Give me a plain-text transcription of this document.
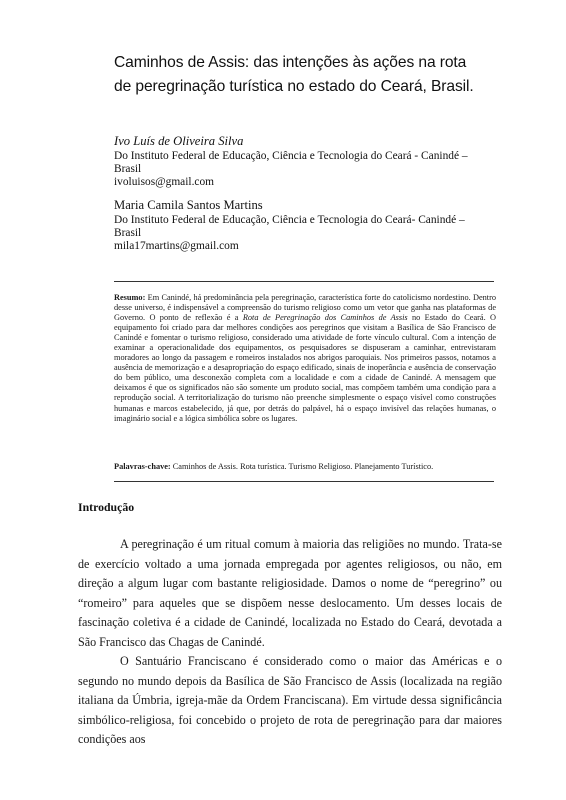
Caminhos de Assis: das intenções às ações na rota
de peregrinação turística no estado do Ceará, Brasil.
Ivo Luís de Oliveira Silva
Do Instituto Federal de Educação, Ciência e Tecnologia do Ceará - Canindé –
Brasil
ivoluisos@gmail.com
Maria Camila Santos Martins
Do Instituto Federal de Educação, Ciência e Tecnologia do Ceará- Canindé –
Brasil
mila17martins@gmail.com
Resumo: Em Canindé, há predominância pela peregrinação, característica forte do catolicismo nordestino. Dentro desse universo, é indispensável a compreensão do turismo religioso como um vetor que ganha nas plataformas de Governo. O ponto de reflexão é a Rota de Peregrinação dos Caminhos de Assis no Estado do Ceará. O equipamento foi criado para dar melhores condições aos peregrinos que visitam a Basílica de São Francisco de Canindé e fomentar o turismo religioso, considerado uma atividade de forte vínculo cultural. Com a intenção de examinar a operacionalidade dos equipamentos, os pesquisadores se dispuseram a caminhar, entrevistaram moradores ao longo da passagem e romeiros instalados nos abrigos paroquiais. Nos primeiros passos, notamos a ausência de memorização e a desapropriação do espaço edificado, sinais de inoperância e ausência de conservação do bem público, uma desconexão completa com a localidade e com a cidade de Canindé. A mensagem que deixamos é que os significados não são somente um produto social, mas compõem também uma condição para a reprodução social. A territorialização do turismo não preenche simplesmente o espaço visível como construções humanas e marcos estabelecido, já que, por detrás do palpável, há o espaço invisível das relações humanas, o imaginário social e a lógica simbólica sobre os lugares.
Palavras-chave: Caminhos de Assis. Rota turística. Turismo Religioso. Planejamento Turístico.
Introdução

A peregrinação é um ritual comum à maioria das religiões no mundo. Trata-se de exercício voltado a uma jornada empregada por agentes religiosos, ou não, em direção a algum lugar com bastante religiosidade. Damos o nome de “peregrino” ou “romeiro” para aqueles que se dispõem nesse deslocamento. Um desses locais de fascinação coletiva é a cidade de Canindé, localizada no Estado do Ceará, devotada a São Francisco das Chagas de Canindé.

O Santuário Franciscano é considerado como o maior das Américas e o segundo no mundo depois da Basílica de São Francisco de Assis (localizada na região italiana da Úmbria, igreja-mãe da Ordem Franciscana). Em virtude dessa significância simbólico-religiosa, foi concebido o projeto de rota de peregrinação para dar maiores condições aos
